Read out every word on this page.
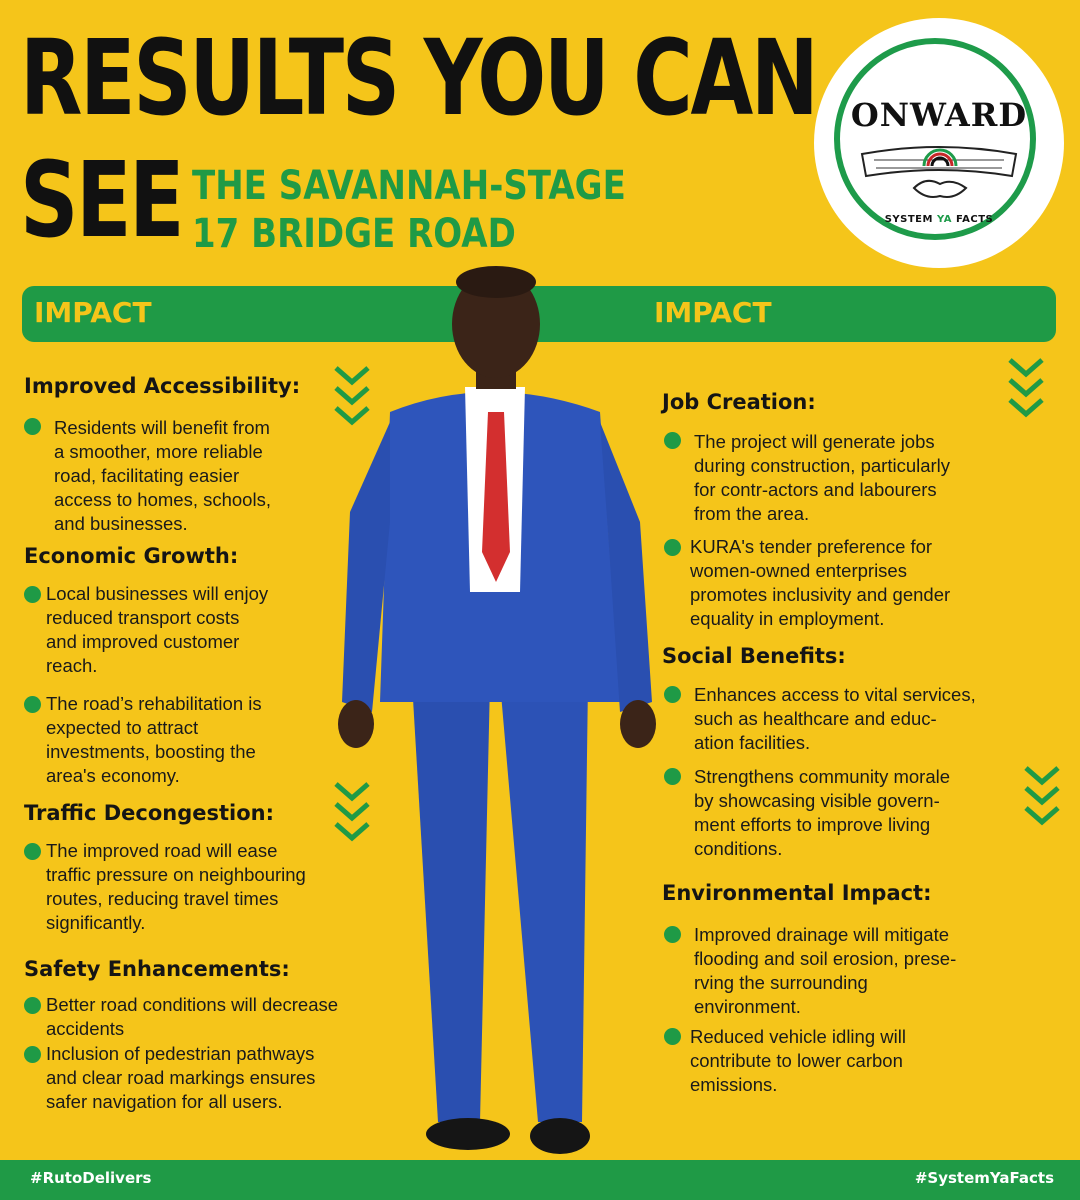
RESULTS YOU CAN
SEE THE SAVANNAH-STAGE
17 BRIDGE ROAD
ONWARD
SYSTEM YA FACTS
IMPACT	IMPACT
Improved Accessibility:
Residents will benefit from
a smoother, more reliable
road, facilitating easier
access to homes, schools,
and businesses.
Economic Growth:
Local businesses will enjoy
reduced transport costs
and improved customer
reach.
The road’s rehabilitation is
expected to attract
investments, boosting the
area's economy.
Traffic Decongestion:
The improved road will ease
traffic pressure on neighbouring
routes, reducing travel times
significantly.
Safety Enhancements:
Better road conditions will decrease
accidents
Inclusion of pedestrian pathways
and clear road markings ensures
safer navigation for all users.
Job Creation:
The project will generate jobs
during construction, particularly
for contr-actors and labourers
from the area.
KURA's tender preference for
women-owned enterprises
promotes inclusivity and gender
equality in employment.
Social Benefits:
Enhances access to vital services,
such as healthcare and educ-
ation facilities.
Strengthens community morale
by showcasing visible govern-
ment efforts to improve living
conditions.
Environmental Impact:
Improved drainage will mitigate
flooding and soil erosion, prese-
rving the surrounding
environment.
Reduced vehicle idling will
contribute to lower carbon
emissions.
#RutoDelivers	#SystemYaFacts
